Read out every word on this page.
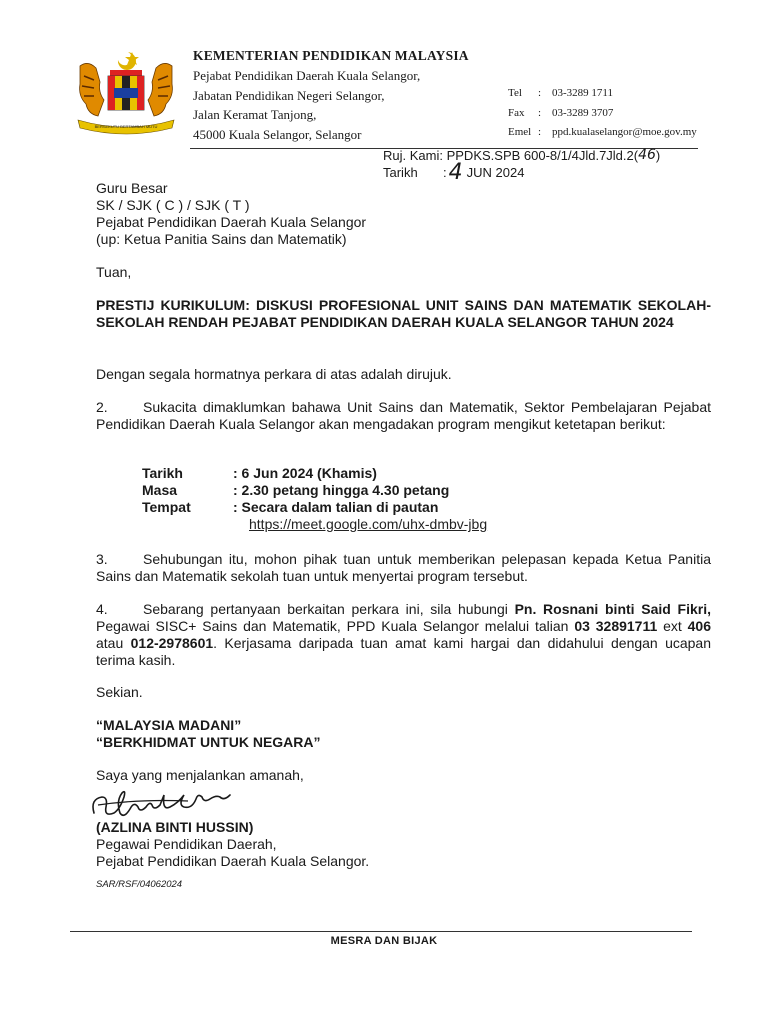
BERSEKUTU BERTAMBAH MUTU
KEMENTERIAN PENDIDIKAN MALAYSIA
Pejabat Pendidikan Daerah Kuala Selangor,
Jabatan Pendidikan Negeri Selangor,
Jalan Keramat Tanjong,
45000 Kuala Selangor, Selangor
Tel	: 03-3289 1711
Fax	: 03-3289 3707
Emel : ppd.kualaselangor@moe.gov.my
Ruj. Kami:
PPDKS.SPB 600-8/1/4Jld.7Jld.2( 46 )
Tarikh	: 4 JUN 2024
Guru Besar
SK / SJK ( C ) / SJK ( T )
Pejabat Pendidikan Daerah Kuala Selangor
(up: Ketua Panitia Sains dan Matematik)
Tuan,
PRESTIJ KURIKULUM: DISKUSI PROFESIONAL UNIT SAINS DAN MATEMATIK SEKOLAH-SEKOLAH RENDAH PEJABAT PENDIDIKAN DAERAH KUALA SELANGOR TAHUN 2024
Dengan segala hormatnya perkara di atas adalah dirujuk.
2.	Sukacita dimaklumkan bahawa Unit Sains dan Matematik, Sektor Pembelajaran Pejabat Pendidikan Daerah Kuala Selangor akan mengadakan program mengikut ketetapan berikut:
Tarikh	: 6 Jun 2024 (Khamis)
Masa	: 2.30 petang hingga 4.30 petang
Tempat	: Secara dalam talian di pautan
https://meet.google.com/uhx-dmbv-jbg
3.	Sehubungan itu, mohon pihak tuan untuk memberikan pelepasan kepada Ketua Panitia Sains dan Matematik sekolah tuan untuk menyertai program tersebut.
4.	Sebarang pertanyaan berkaitan perkara ini, sila hubungi Pn. Rosnani binti Said Fikri, Pegawai SISC+ Sains dan Matematik, PPD Kuala Selangor melalui talian 03 32891711 ext 406 atau 012-2978601. Kerjasama daripada tuan amat kami hargai dan didahului dengan ucapan terima kasih.
Sekian.
“MALAYSIA MADANI”
“BERKHIDMAT UNTUK NEGARA”
Saya yang menjalankan amanah,
(AZLINA BINTI HUSSIN)
Pegawai Pendidikan Daerah,
Pejabat Pendidikan Daerah Kuala Selangor.
SAR/RSF/04062024
MESRA DAN BIJAK
